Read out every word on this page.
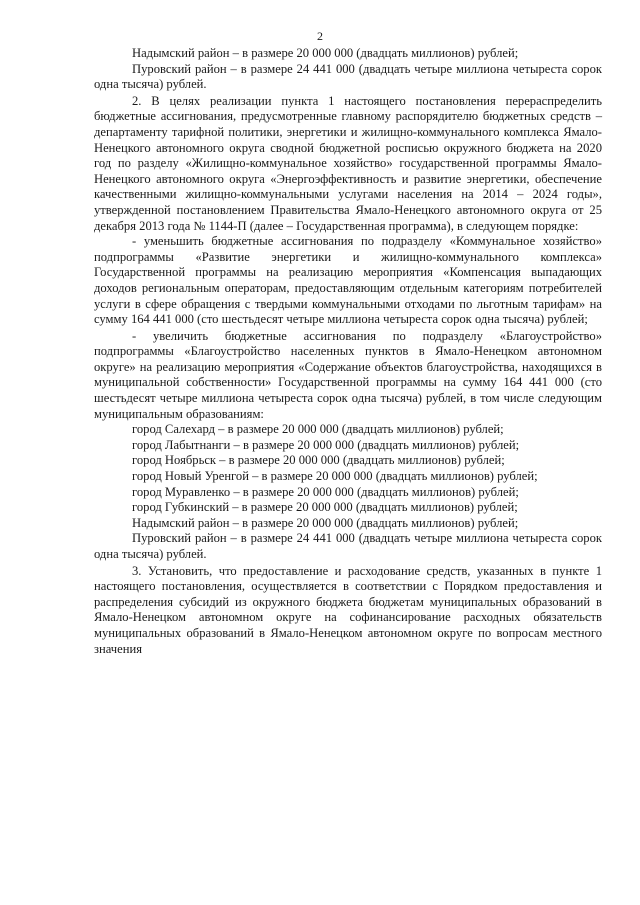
2

Надымский район – в размере 20 000 000 (двадцать миллионов) рублей;

Пуровский район – в размере 24 441 000 (двадцать четыре миллиона четыреста сорок одна тысяча) рублей.

2. В целях реализации пункта 1 настоящего постановления перераспределить бюджетные ассигнования, предусмотренные главному распорядителю бюджетных средств – департаменту тарифной политики, энергетики и жилищно-коммунального комплекса Ямало-Ненецкого автономного округа сводной бюджетной росписью окружного бюджета на 2020 год по разделу «Жилищно-коммунальное хозяйство» государственной программы Ямало-Ненецкого автономного округа «Энергоэффективность и развитие энергетики, обеспечение качественными жилищно-коммунальными услугами населения на 2014 – 2024 годы», утвержденной постановлением Правительства Ямало-Ненецкого автономного округа от 25 декабря 2013 года № 1144-П (далее – Государственная программа), в следующем порядке:

- уменьшить бюджетные ассигнования по подразделу «Коммунальное хозяйство» подпрограммы «Развитие энергетики и жилищно-коммунального комплекса» Государственной программы на реализацию мероприятия «Компенсация выпадающих доходов региональным операторам, предоставляющим отдельным категориям потребителей услуги в сфере обращения с твердыми коммунальными отходами по льготным тарифам» на сумму 164 441 000 (сто шестьдесят четыре миллиона четыреста сорок одна тысяча) рублей;

- увеличить бюджетные ассигнования по подразделу «Благоустройство» подпрограммы «Благоустройство населенных пунктов в Ямало-Ненецком автономном округе» на реализацию мероприятия «Содержание объектов благоустройства, находящихся в муниципальной собственности» Государственной программы на сумму 164 441 000 (сто шестьдесят четыре миллиона четыреста сорок одна тысяча) рублей, в том числе следующим муниципальным образованиям:

город Салехард – в размере 20 000 000 (двадцать миллионов) рублей;

город Лабытнанги – в размере 20 000 000 (двадцать миллионов) рублей;

город Ноябрьск – в размере 20 000 000 (двадцать миллионов) рублей;

город Новый Уренгой – в размере 20 000 000 (двадцать миллионов) рублей;

город Муравленко – в размере 20 000 000 (двадцать миллионов) рублей;

город Губкинский – в размере 20 000 000 (двадцать миллионов) рублей;

Надымский район – в размере 20 000 000 (двадцать миллионов) рублей;

Пуровский район – в размере 24 441 000 (двадцать четыре миллиона четыреста сорок одна тысяча) рублей.

3. Установить, что предоставление и расходование средств, указанных в пункте 1 настоящего постановления, осуществляется в соответствии с Порядком предоставления и распределения субсидий из окружного бюджета бюджетам муниципальных образований в Ямало-Ненецком автономном округе на софинансирование расходных обязательств муниципальных образований в Ямало-Ненецком автономном округе по вопросам местного значения
